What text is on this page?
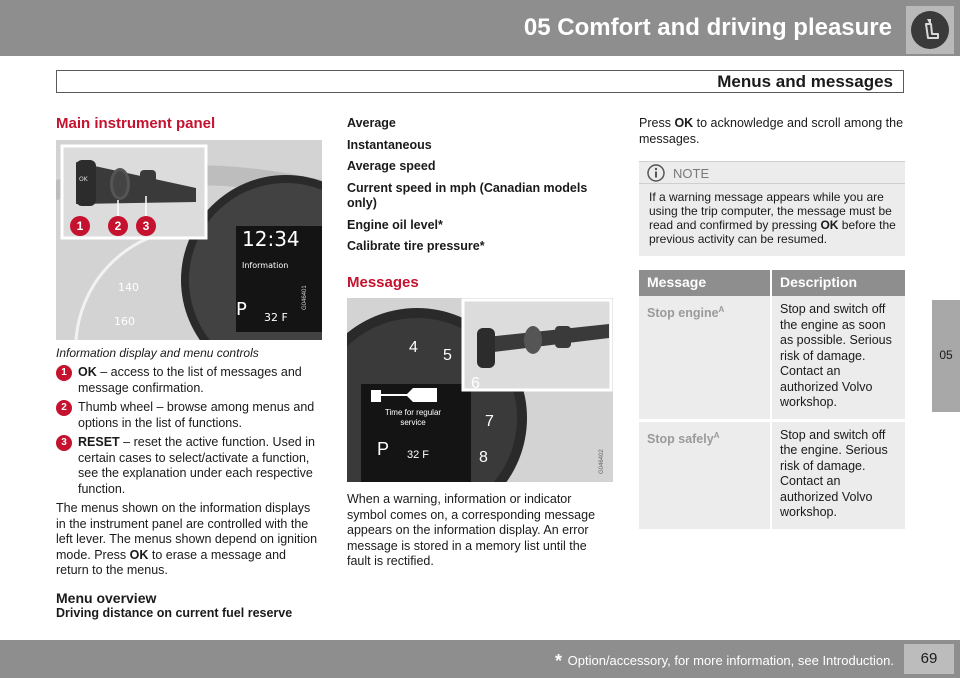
05 Comfort and driving pleasure
Menus and messages
05
Main instrument panel
OK
12:34
Information
P 32 F
140
160
G046401
1	2	3
Information display and menu controls
1 OK – access to the list of messages and message confirmation.
2 Thumb wheel – browse among menus and options in the list of functions.
3 RESET – reset the active function. Used in certain cases to select/activate a function, see the explanation under each respective function.
The menus shown on the information displays in the instrument panel are controlled with the left lever. The menus shown depend on ignition mode. Press OK to erase a message and return to the menus.
Menu overview
Driving distance on current fuel reserve
Average
Instantaneous
Average speed
Current speed in mph (Canadian models only)
Engine oil level*
Calibrate tire pressure*
Messages
4 5
6
7
8
Time for regular service
P 32 F	G046402
When a warning, information or indicator symbol comes on, a corresponding message appears on the information display. An error message is stored in a memory list until the fault is rectified.
Press OK to acknowledge and scroll among the messages.
NOTE
If a warning message appears while you are using the trip computer, the message must be read and confirmed by pressing OK before the previous activity can be resumed.
Message	Description
Stop engine$^A$	Stop and switch off the engine as soon as possible. Serious risk of damage. Contact an authorized Volvo workshop.
Stop safely$^A$	Stop and switch off the engine. Serious risk of damage. Contact an authorized Volvo workshop.
* Option/accessory, for more information, see Introduction.	69
